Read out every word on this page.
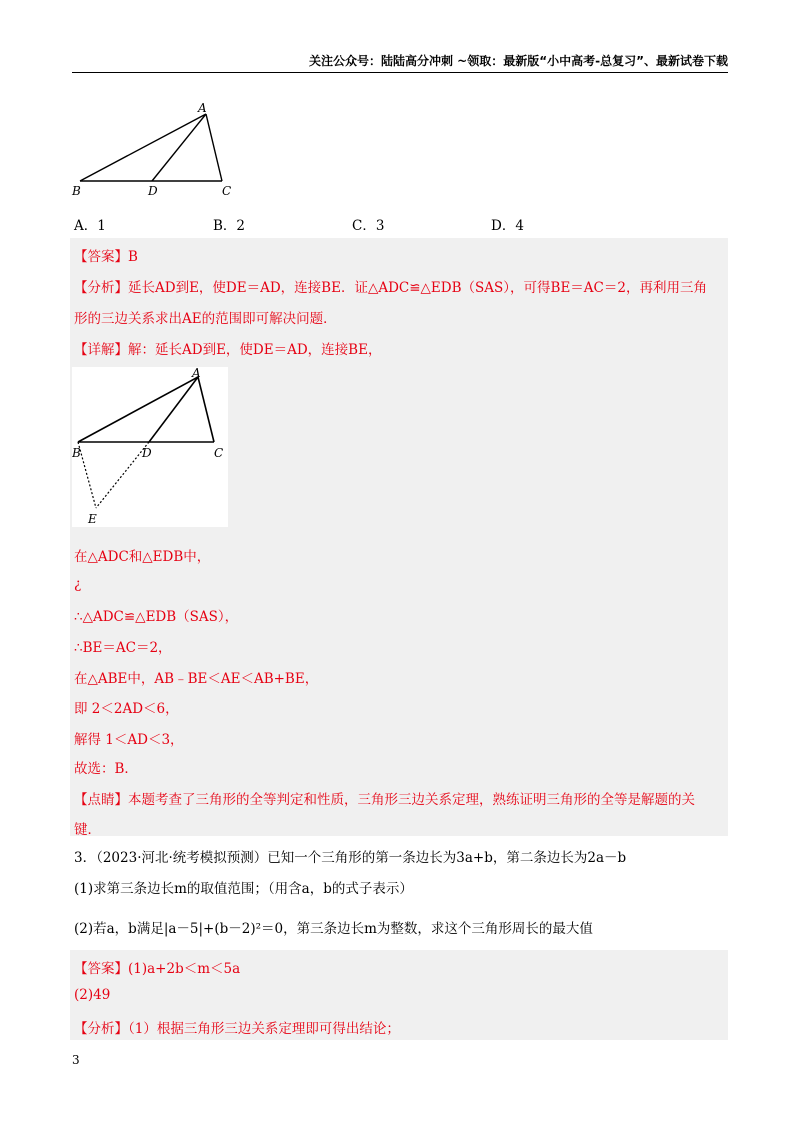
关注公众号：陆陆高分冲刺 ~领取：最新版“小中高考-总复习”、最新试卷下载
A
B	D	C
A．1	B．2	C．3	D．4
【答案】B
【分析】延长AD到E，使DE＝AD，连接BE．证△ADC≌△EDB（SAS），可得BE＝AC＝2，再利用三角
形的三边关系求出AE的范围即可解决问题．
【详解】解：延长AD到E，使DE＝AD，连接BE，
A
B	D	C
E
在△ADC和△EDB中，
¿
∴△ADC≌△EDB（SAS），
∴BE＝AC＝2，
在△ABE中，AB﹣BE＜AE＜AB+BE，
即 2＜2AD＜6，
解得 1＜AD＜3，
故选：B．
【点睛】本题考查了三角形的全等判定和性质，三角形三边关系定理，熟练证明三角形的全等是解题的关
键．
3．（2023·河北·统考模拟预测）已知一个三角形的第一条边长为3a+b，第二条边长为2a－b
(1)求第三条边长m的取值范围；（用含a，b的式子表示）
(2)若a，b满足|a－5|+(b－2)²＝0，第三条边长m为整数，求这个三角形周长的最大值
【答案】(1)a+2b＜m＜5a
(2)49
【分析】（1）根据三角形三边关系定理即可得出结论；
3
